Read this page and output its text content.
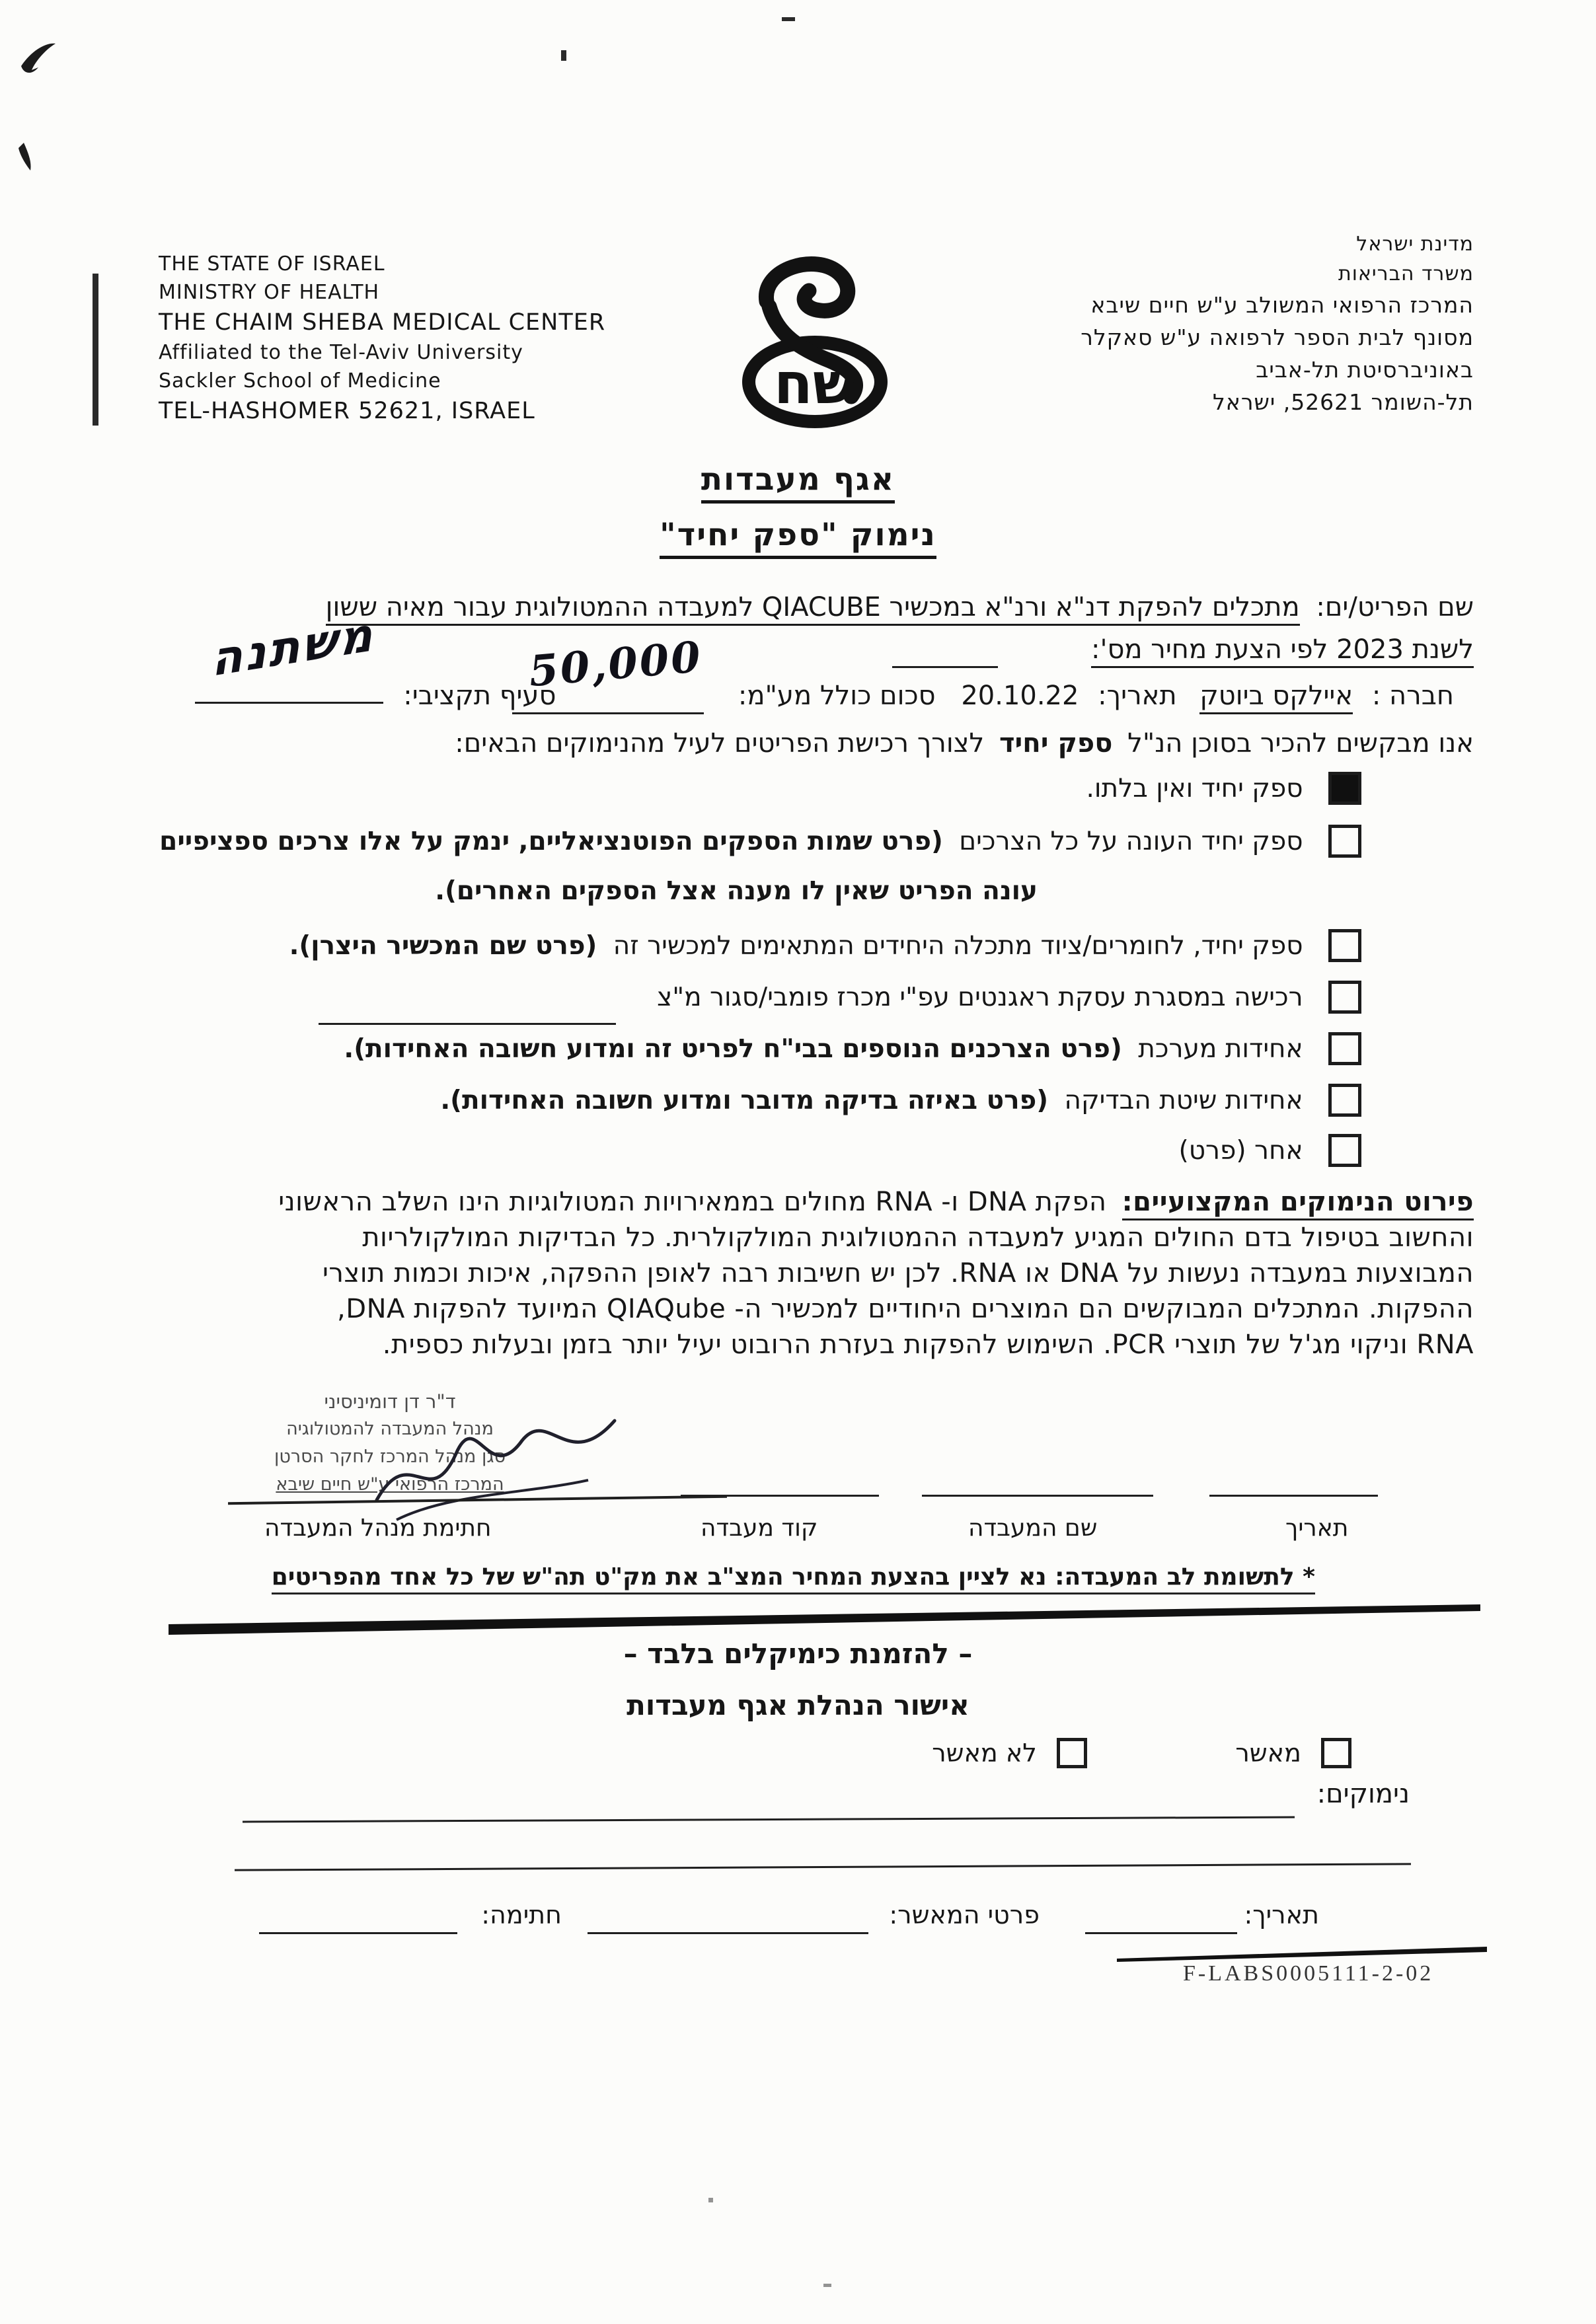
THE STATE OF ISRAEL
MINISTRY OF HEALTH
THE CHAIM SHEBA MEDICAL CENTER
Affiliated to the Tel-Aviv University
Sackler School of Medicine
TEL-HASHOMER 52621, ISRAEL	שח
מדינת ישראל
משרד הבריאות
המרכז הרפואי המשולב ע"ש חיים שיבא
מסונף לבית הספר לרפואה ע"ש סאקלר
באוניברסיטת תל-אביב
תל-השומר 52621, ישראל
אגף מעבדות
נימוק "ספק יחיד"
שם הפריט/ים: מתכלים להפקת דנ"א ורנ"א במכשיר QIACUBE למעבדה ההמטולוגית עבור מאיה ששון
לשנת 2023 לפי הצעת מחיר מס':
חברה : איילקס ביוטק תאריך: 20.10.22 סכום כולל מע"מ:  סעיף תקציבי:
50,000
משתנה
אנו מבקשים להכיר בסוכן הנ"ל ספק יחיד לצורך רכישת הפריטים לעיל מהנימוקים הבאים:
ספק יחיד ואין בלתו.
ספק יחיד העונה על כל הצרכים (פרט שמות הספקים הפוטנציאליים, ינמק על אלו צרכים ספציפיים
עונה הפריט שאין לו מענה אצל הספקים האחרים).
ספק יחיד, לחומרים/ציוד מתכלה היחידים המתאימים למכשיר זה (פרט שם המכשיר היצרן).
רכישה במסגרת עסקת ראגנטים עפ"י מכרז פומבי/סגור מ"צ
אחידות מערכת (פרט הצרכנים הנוספים בבי"ח לפריט זה ומדוע חשובה האחידות).
אחידות שיטת הבדיקה (פרט באיזה בדיקה מדובר ומדוע חשובה האחידות).
אחר (פרט)
פירוט הנימוקים המקצועיים: הפקת DNA ו- RNA מחולים בממאירויות המטולוגיות הינו השלב הראשוני
והחשוב בטיפול בדם החולים המגיע למעבדה ההמטולוגית המולקולרית. כל הבדיקות המולקולריות
המבוצעות במעבדה נעשות על DNA או RNA. לכן יש חשיבות רבה לאופן ההפקה, איכות וכמות תוצרי
ההפקות. המתכלים המבוקשים הם המוצרים היחודיים למכשיר ה- QIAQube המיועד להפקות DNA,
RNA וניקוי מג'ל של תוצרי PCR. השימוש להפקות בעזרת הרובוט יעיל יותר בזמן ובעלות כספית.
ד"ר דן דומיניסיני
מנהל המעבדה להמטולוגיה
סגן מנהל המרכז לחקר הסרטן
המרכז הרפואי ע"ש חיים שיבא
תאריך
שם המעבדה
קוד מעבדה
חתימת מנהל המעבדה
* לתשומת לב המעבדה: נא לציין בהצעת המחיר המצ"ב את מק"ט תה"ש של כל אחד מהפריטים
– להזמנת כימיקלים בלבד –
אישור הנהלת אגף מעבדות
מאשר
לא מאשר
נימוקים:
תאריך:
פרטי המאשר:
חתימה:
F-LABS0005111-2-02
